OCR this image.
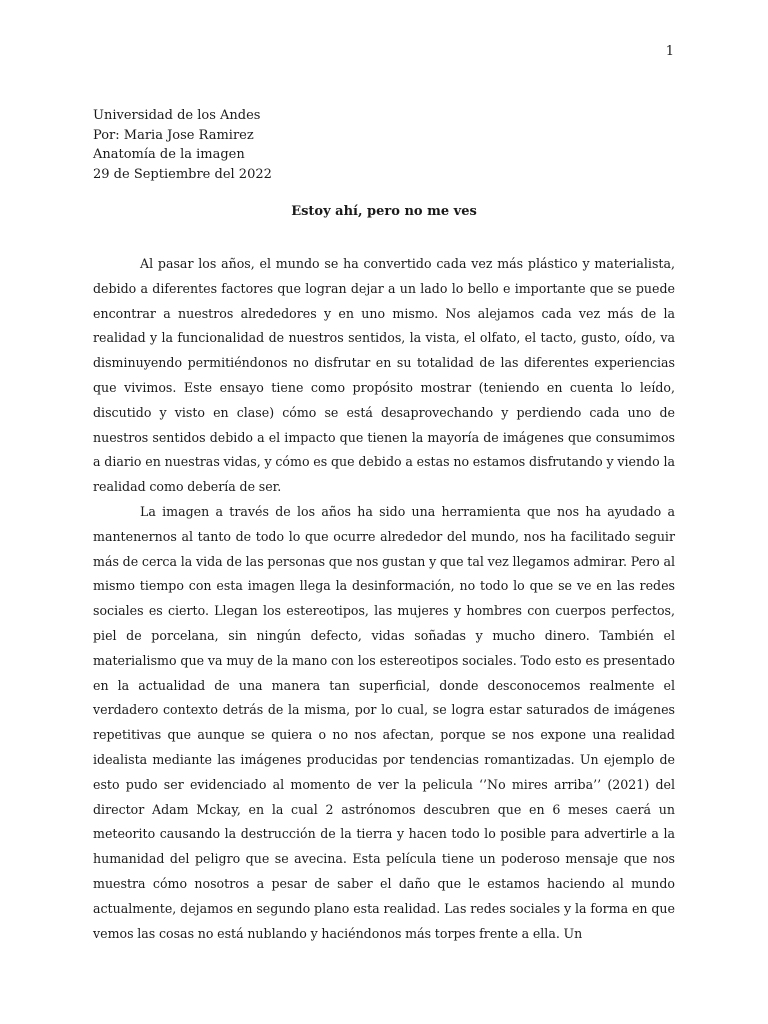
1
Universidad de los Andes
Por: Maria Jose Ramirez
Anatomía de la imagen
29 de Septiembre del 2022
Estoy ahí, pero no me ves

Al pasar los años, el mundo se ha convertido cada vez más plástico y materialista, debido a diferentes factores que logran dejar a un lado lo bello e importante que se puede encontrar a nuestros alrededores y en uno mismo. Nos alejamos cada vez más de la realidad y la funcionalidad de nuestros sentidos, la vista, el olfato, el tacto, gusto, oído, va disminuyendo permitiéndonos no disfrutar en su totalidad de las diferentes experiencias que vivimos. Este ensayo tiene como propósito mostrar (teniendo en cuenta lo leído, discutido y visto en clase) cómo se está desaprovechando y perdiendo cada uno de nuestros sentidos debido a el impacto que tienen la mayoría de imágenes que consumimos a diario en nuestras vidas, y cómo es que debido a estas no estamos disfrutando y viendo la realidad como debería de ser.

La imagen a través de los años ha sido una herramienta que nos ha ayudado a mantenernos al tanto de todo lo que ocurre alrededor del mundo, nos ha facilitado seguir más de cerca la vida de las personas que nos gustan y que tal vez llegamos admirar. Pero al mismo tiempo con esta imagen llega la desinformación, no todo lo que se ve en las redes sociales es cierto. Llegan los estereotipos, las mujeres y hombres con cuerpos perfectos, piel de porcelana, sin ningún defecto, vidas soñadas y mucho dinero. También el materialismo que va muy de la mano con los estereotipos sociales. Todo esto es presentado en la actualidad de una manera tan superficial, donde desconocemos realmente el verdadero contexto detrás de la misma, por lo cual, se logra estar saturados de imágenes repetitivas que aunque se quiera o no nos afectan, porque se nos expone una realidad idealista mediante las imágenes producidas por tendencias romantizadas. Un ejemplo de esto pudo ser evidenciado al momento de ver la pelicula ‘’No mires arriba’’ (2021) del director Adam Mckay, en la cual 2 astrónomos descubren que en 6 meses caerá un meteorito causando la destrucción de la tierra y hacen todo lo posible para advertirle a la humanidad del peligro que se avecina. Esta película tiene un poderoso mensaje que nos muestra cómo nosotros a pesar de saber el daño que le estamos haciendo al mundo actualmente, dejamos en segundo plano esta realidad. Las redes sociales y la forma en que vemos las cosas no está nublando y haciéndonos más torpes frente a ella. Un
